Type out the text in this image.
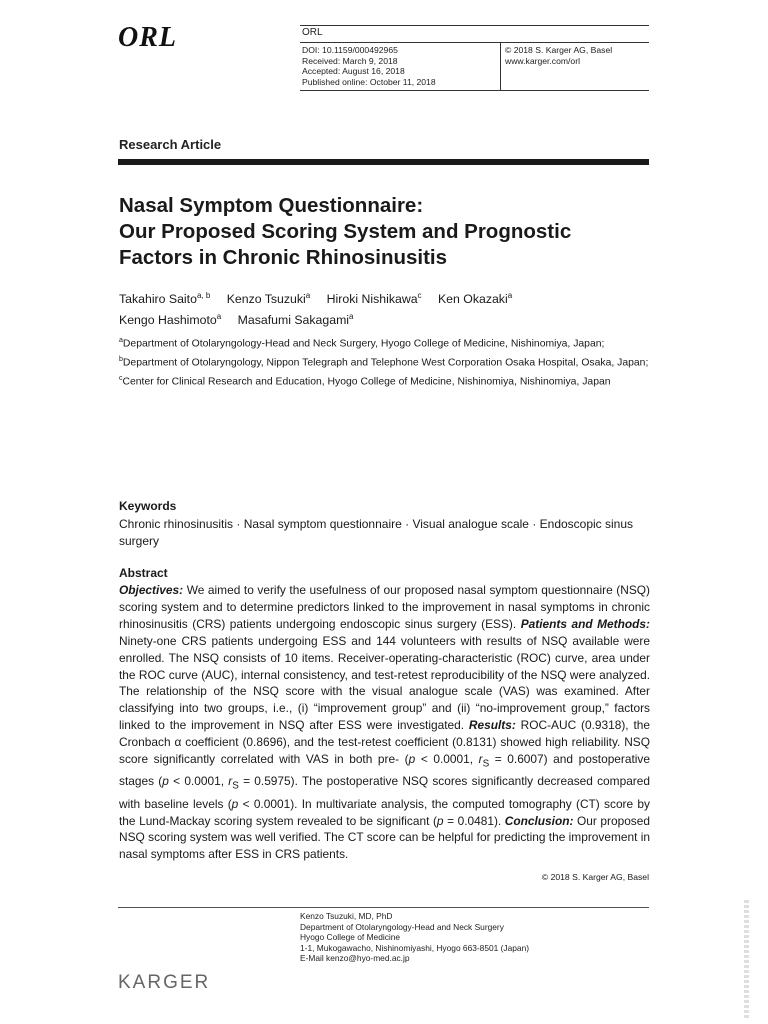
ORL	ORL
DOI: 10.1159/000492965
Received: March 9, 2018
Accepted: August 16, 2018
Published online: October 11, 2018
© 2018 S. Karger AG, Basel
www.karger.com/orl
Research Article
Nasal Symptom Questionnaire:
Our Proposed Scoring System and Prognostic
Factors in Chronic Rhinosinusitis
Takahiro Saito$^{a, b}$ Kenzo Tsuzuki$^a$ Hiroki Nishikawa$^c$ Ken Okazaki$^a$
Kengo Hashimoto$^a$ Masafumi Sakagami$^a$
$^a$Department of Otolaryngology-Head and Neck Surgery, Hyogo College of Medicine, Nishinomiya, Japan; $^b$Department of Otolaryngology, Nippon Telegraph and Telephone West Corporation Osaka Hospital, Osaka, Japan; $^c$Center for Clinical Research and Education, Hyogo College of Medicine, Nishinomiya, Nishinomiya, Japan
Keywords
Chronic rhinosinusitis · Nasal symptom questionnaire · Visual analogue scale · Endoscopic sinus surgery
Abstract
Objectives: We aimed to verify the usefulness of our proposed nasal symptom questionnaire (NSQ) scoring system and to determine predictors linked to the improvement in nasal symptoms in chronic rhinosinusitis (CRS) patients undergoing endoscopic sinus surgery (ESS). Patients and Methods: Ninety-one CRS patients undergoing ESS and 144 volunteers with results of NSQ available were enrolled. The NSQ consists of 10 items. Receiver-operating-characteristic (ROC) curve, area under the ROC curve (AUC), internal consistency, and test-retest reproducibility of the NSQ were analyzed. The relationship of the NSQ score with the visual analogue scale (VAS) was examined. After classifying into two groups, i.e., (i) “improvement group” and (ii) “no-improvement group,” factors linked to the improvement in NSQ after ESS were investigated. Results: ROC-AUC (0.9318), the Cronbach α coefficient (0.8696), and the test-retest coefficient (0.8131) showed high reliability. NSQ score significantly correlated with VAS in both pre- (p < 0.0001, $r_S = 0.6007$) and postoperative stages (p < 0.0001, $r_S = 0.5975$). The postoperative NSQ scores significantly decreased compared with baseline levels (p < 0.0001). In multivariate analysis, the computed tomography (CT) score by the Lund-Mackay scoring system revealed to be significant (p = 0.0481). Conclusion: Our proposed NSQ scoring system was well verified. The CT score can be helpful for predicting the improvement in nasal symptoms after ESS in CRS patients.
© 2018 S. Karger AG, Basel
Kenzo Tsuzuki, MD, PhD
Department of Otolaryngology-Head and Neck Surgery
Hyogo College of Medicine
1-1, Mukogawacho, Nishinomiyashi, Hyogo 663-8501 (Japan)
E-Mail kenzo@hyo-med.ac.jp
KARGER
